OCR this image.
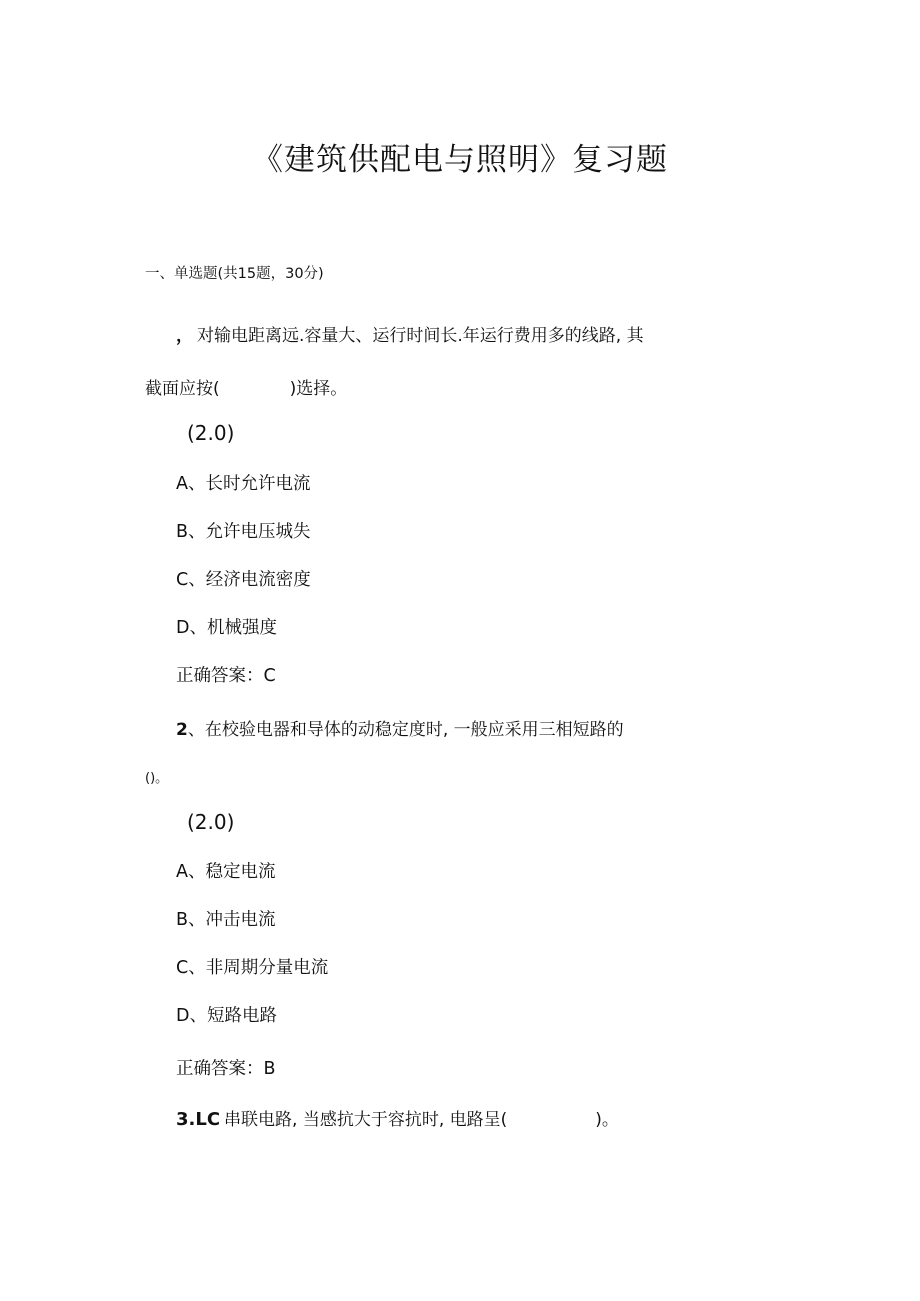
《建筑供配电与照明》复习题
一、单选题(共15题，30分)
， 对输电距离远.容量大、运行时间长.年运行费用多的线路, 其
截面应按(	)选择。
(2.0)
A、长时允许电流
B、允许电压城失
C、经济电流密度
D、机械强度
正确答案：C
2、在校验电器和导体的动稳定度时, 一般应采用三相短路的
()。
(2.0)
A、稳定电流
B、冲击电流
C、非周期分量电流
D、短路电路
正确答案：B
3.LC 串联电路, 当感抗大于容抗时, 电路呈(	)。
